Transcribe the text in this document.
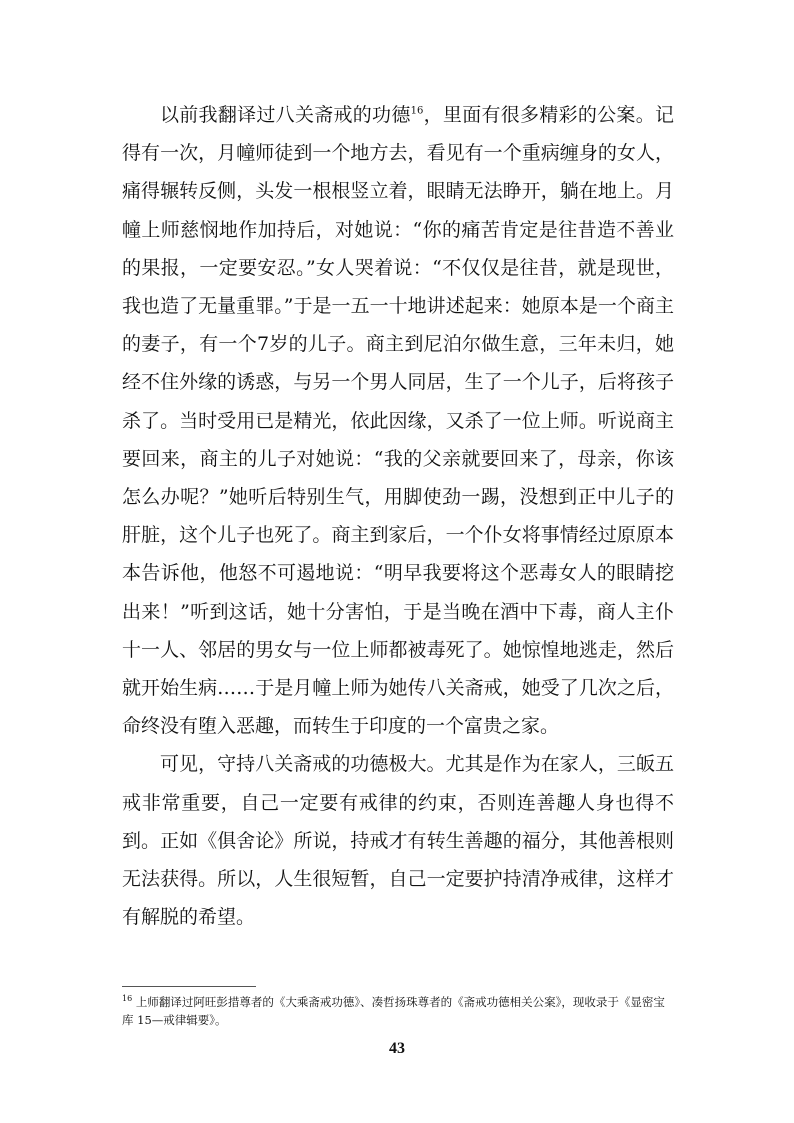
以前我翻译过八关斋戒的功德$^{16}$，里面有很多精彩的公案。记得有一次，月幢师徒到一个地方去，看见有一个重病缠身的女人，痛得辗转反侧，头发一根根竖立着，眼睛无法睁开，躺在地上。月幢上师慈悯地作加持后，对她说：“你的痛苦肯定是往昔造不善业的果报，一定要安忍。”女人哭着说：“不仅仅是往昔，就是现世，我也造了无量重罪。”于是一五一十地讲述起来：她原本是一个商主的妻子，有一个7岁的儿子。商主到尼泊尔做生意，三年未归，她经不住外缘的诱惑，与另一个男人同居，生了一个儿子，后将孩子杀了。当时受用已是精光，依此因缘，又杀了一位上师。听说商主要回来，商主的儿子对她说：“我的父亲就要回来了，母亲，你该怎么办呢？”她听后特别生气，用脚使劲一踢，没想到正中儿子的肝脏，这个儿子也死了。商主到家后，一个仆女将事情经过原原本本告诉他，他怒不可遏地说：“明早我要将这个恶毒女人的眼睛挖出来！”听到这话，她十分害怕，于是当晚在酒中下毒，商人主仆十一人、邻居的男女与一位上师都被毒死了。她惊惶地逃走，然后就开始生病……于是月幢上师为她传八关斋戒，她受了几次之后，命终没有堕入恶趣，而转生于印度的一个富贵之家。

可见，守持八关斋戒的功德极大。尤其是作为在家人，三皈五戒非常重要，自己一定要有戒律的约束，否则连善趣人身也得不到。正如《俱舍论》所说，持戒才有转生善趣的福分，其他善根则无法获得。所以，人生很短暂，自己一定要护持清净戒律，这样才有解脱的希望。

$^{16}$ 上师翻译过阿旺彭措尊者的《大乘斋戒功德》、凑哲扬珠尊者的《斋戒功德相关公案》，现收录于《显密宝库 15—戒律辑要》。
43
